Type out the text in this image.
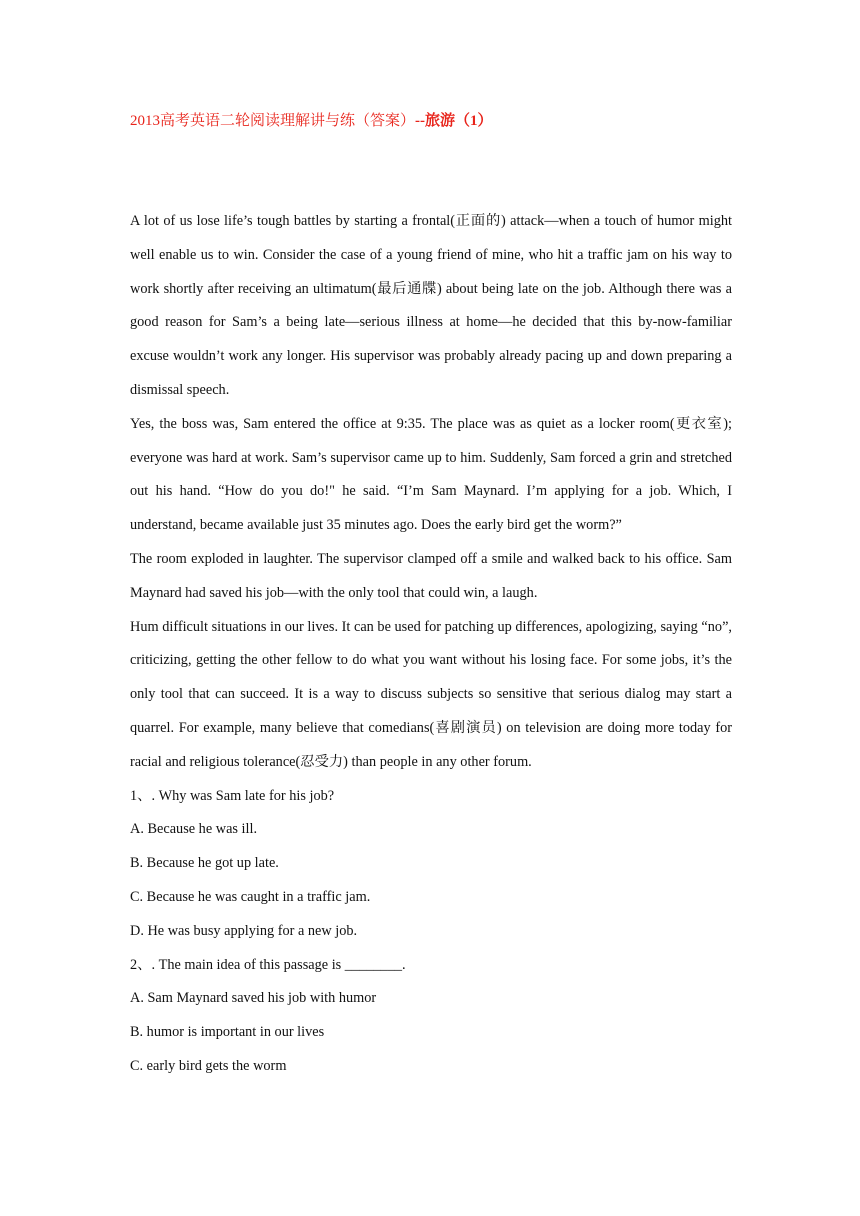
2013高考英语二轮阅读理解讲与练（答案）--旅游（1）

A lot of us lose life’s tough battles by starting a frontal(正面的) attack—when a touch of humor might well enable us to win. Consider the case of a young friend of mine, who hit a traffic jam on his way to work shortly after receiving an ultimatum(最后通牒) about being late on the job. Although there was a good reason for Sam’s a being late—serious illness at home—he decided that this by-now-familiar excuse wouldn’t work any longer. His supervisor was probably already pacing up and down preparing a dismissal speech.

Yes, the boss was, Sam entered the office at 9:35. The place was as quiet as a locker room(更衣室); everyone was hard at work. Sam’s supervisor came up to him. Suddenly, Sam forced a grin and stretched out his hand. “How do you do!" he said. “I’m Sam Maynard. I’m applying for a job. Which, I understand, became available just 35 minutes ago. Does the early bird get the worm?”

The room exploded in laughter. The supervisor clamped off a smile and walked back to his office. Sam Maynard had saved his job—with the only tool that could win, a laugh.

Hum difficult situations in our lives. It can be used for patching up differences, apologizing, saying “no”, criticizing, getting the other fellow to do what you want without his losing face. For some jobs, it’s the only tool that can succeed. It is a way to discuss subjects so sensitive that serious dialog may start a quarrel. For example, many believe that comedians(喜剧演员) on television are doing more today for racial and religious tolerance(忍受力) than people in any other forum.

1、. Why was Sam late for his job?

A. Because he was ill.

B. Because he got up late.

C. Because he was caught in a traffic jam.

D. He was busy applying for a new job.

2、. The main idea of this passage is ________.

A. Sam Maynard saved his job with humor

B. humor is important in our lives

C. early bird gets the worm
